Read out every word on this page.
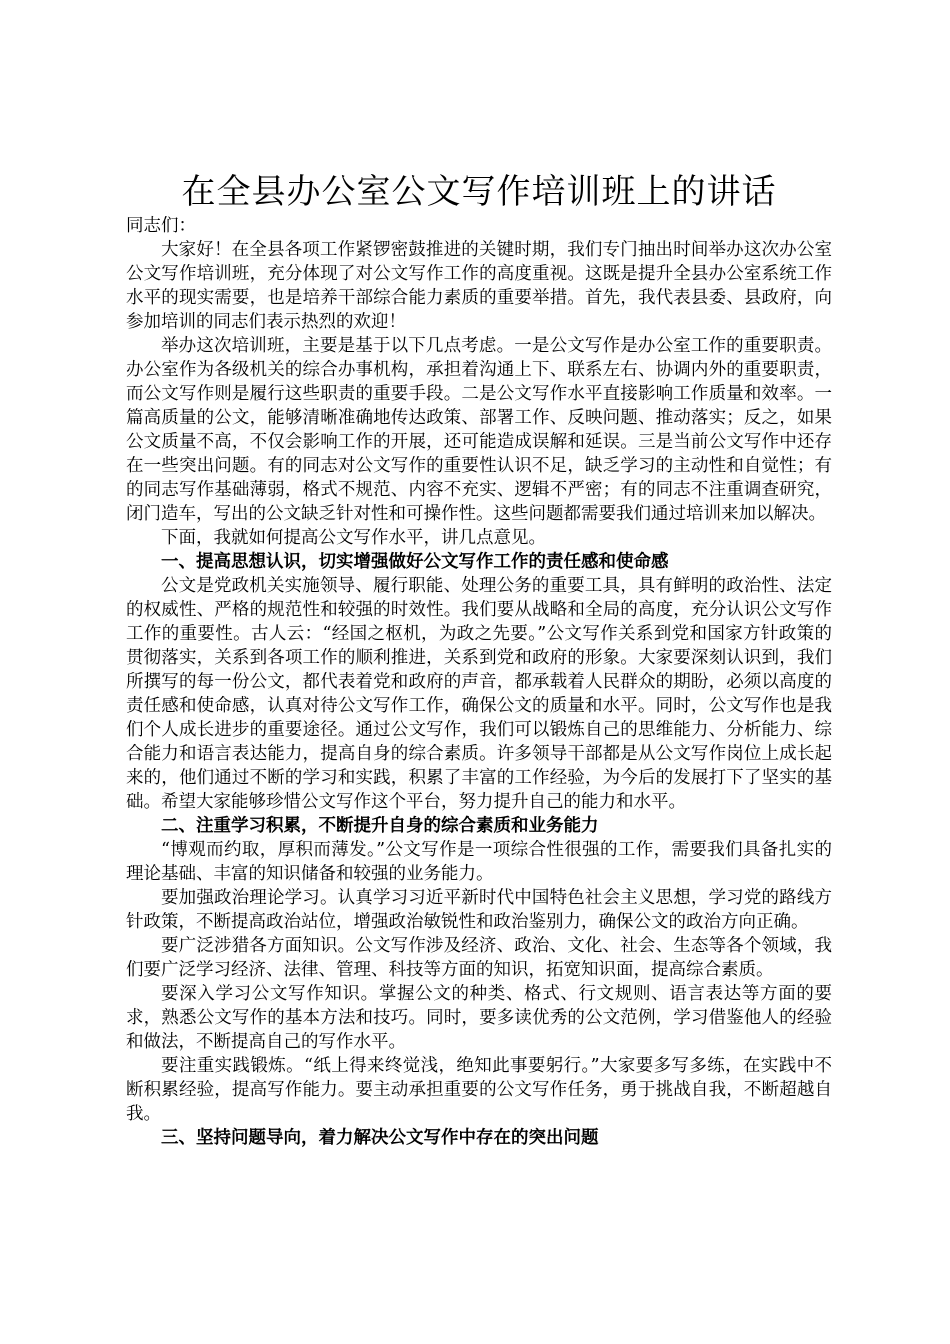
在全县办公室公文写作培训班上的讲话

同志们：

大家好！在全县各项工作紧锣密鼓推进的关键时期，我们专门抽出时间举办这次办公室公文写作培训班，充分体现了对公文写作工作的高度重视。这既是提升全县办公室系统工作水平的现实需要，也是培养干部综合能力素质的重要举措。首先，我代表县委、县政府，向参加培训的同志们表示热烈的欢迎！

举办这次培训班，主要是基于以下几点考虑。一是公文写作是办公室工作的重要职责。办公室作为各级机关的综合办事机构，承担着沟通上下、联系左右、协调内外的重要职责，而公文写作则是履行这些职责的重要手段。二是公文写作水平直接影响工作质量和效率。一篇高质量的公文，能够清晰准确地传达政策、部署工作、反映问题、推动落实；反之，如果公文质量不高，不仅会影响工作的开展，还可能造成误解和延误。三是当前公文写作中还存在一些突出问题。有的同志对公文写作的重要性认识不足，缺乏学习的主动性和自觉性；有的同志写作基础薄弱，格式不规范、内容不充实、逻辑不严密；有的同志不注重调查研究，闭门造车，写出的公文缺乏针对性和可操作性。这些问题都需要我们通过培训来加以解决。

下面，我就如何提高公文写作水平，讲几点意见。

一、提高思想认识，切实增强做好公文写作工作的责任感和使命感

公文是党政机关实施领导、履行职能、处理公务的重要工具，具有鲜明的政治性、法定的权威性、严格的规范性和较强的时效性。我们要从战略和全局的高度，充分认识公文写作工作的重要性。古人云：“经国之枢机，为政之先要。”公文写作关系到党和国家方针政策的贯彻落实，关系到各项工作的顺利推进，关系到党和政府的形象。大家要深刻认识到，我们所撰写的每一份公文，都代表着党和政府的声音，都承载着人民群众的期盼，必须以高度的责任感和使命感，认真对待公文写作工作，确保公文的质量和水平。同时，公文写作也是我们个人成长进步的重要途径。通过公文写作，我们可以锻炼自己的思维能力、分析能力、综合能力和语言表达能力，提高自身的综合素质。许多领导干部都是从公文写作岗位上成长起来的，他们通过不断的学习和实践，积累了丰富的工作经验，为今后的发展打下了坚实的基础。希望大家能够珍惜公文写作这个平台，努力提升自己的能力和水平。

二、注重学习积累，不断提升自身的综合素质和业务能力

“博观而约取，厚积而薄发。”公文写作是一项综合性很强的工作，需要我们具备扎实的理论基础、丰富的知识储备和较强的业务能力。

要加强政治理论学习。认真学习习近平新时代中国特色社会主义思想，学习党的路线方针政策，不断提高政治站位，增强政治敏锐性和政治鉴别力，确保公文的政治方向正确。

要广泛涉猎各方面知识。公文写作涉及经济、政治、文化、社会、生态等各个领域，我们要广泛学习经济、法律、管理、科技等方面的知识，拓宽知识面，提高综合素质。

要深入学习公文写作知识。掌握公文的种类、格式、行文规则、语言表达等方面的要求，熟悉公文写作的基本方法和技巧。同时，要多读优秀的公文范例，学习借鉴他人的经验和做法，不断提高自己的写作水平。

要注重实践锻炼。“纸上得来终觉浅，绝知此事要躬行。”大家要多写多练，在实践中不断积累经验，提高写作能力。要主动承担重要的公文写作任务，勇于挑战自我，不断超越自我。

三、坚持问题导向，着力解决公文写作中存在的突出问题
